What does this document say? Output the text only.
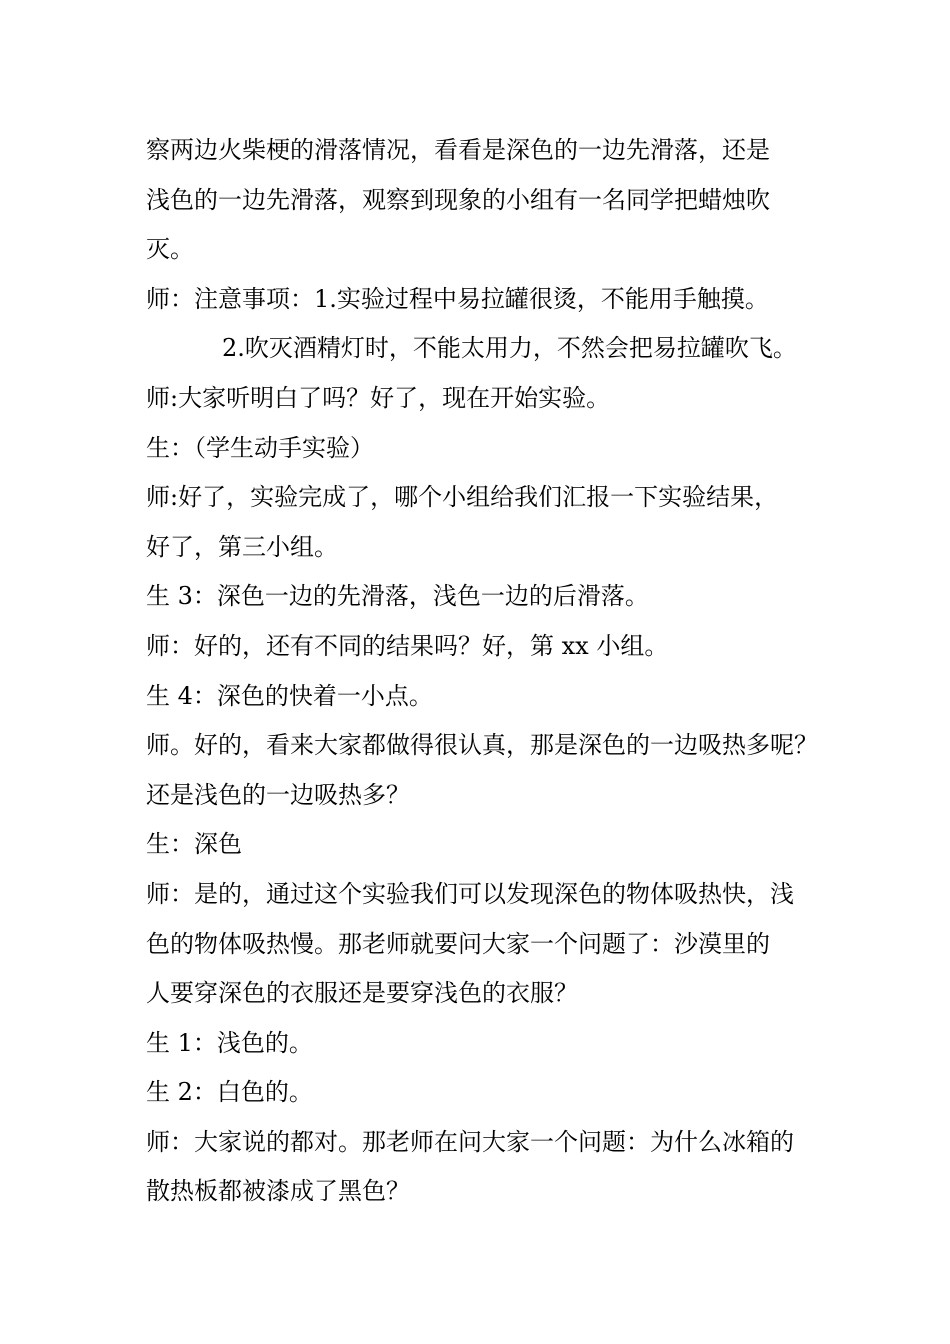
察两边火柴梗的滑落情况，看看是深色的一边先滑落，还是
浅色的一边先滑落，观察到现象的小组有一名同学把蜡烛吹
灭。
师：注意事项：1.实验过程中易拉罐很烫，不能用手触摸。
2.吹灭酒精灯时，不能太用力，不然会把易拉罐吹飞。
师:大家听明白了吗？好了，现在开始实验。
生：（学生动手实验）
师:好了，实验完成了，哪个小组给我们汇报一下实验结果，
好了，第三小组。
生 3：深色一边的先滑落，浅色一边的后滑落。
师：好的，还有不同的结果吗？好，第 xx 小组。
生 4：深色的快着一小点。
师。好的，看来大家都做得很认真，那是深色的一边吸热多呢？
还是浅色的一边吸热多？
生：深色
师：是的，通过这个实验我们可以发现深色的物体吸热快，浅
色的物体吸热慢。那老师就要问大家一个问题了：沙漠里的
人要穿深色的衣服还是要穿浅色的衣服？
生 1：浅色的。
生 2：白色的。
师：大家说的都对。那老师在问大家一个问题：为什么冰箱的
散热板都被漆成了黑色？
